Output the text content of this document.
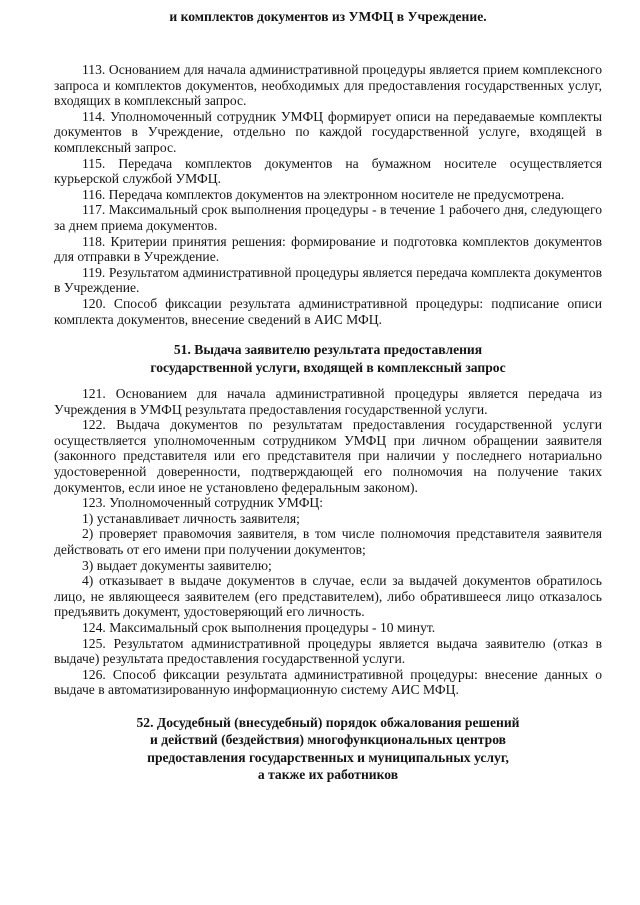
и комплектов документов из УМФЦ в Учреждение.

113. Основанием для начала административной процедуры является прием комплексного запроса и комплектов документов, необходимых для предоставления государственных услуг, входящих в комплексный запрос.

114. Уполномоченный сотрудник УМФЦ формирует описи на передаваемые комплекты документов в Учреждение, отдельно по каждой государственной услуге, входящей в комплексный запрос.

115. Передача комплектов документов на бумажном носителе осуществляется курьерской службой УМФЦ.

116. Передача комплектов документов на электронном носителе не предусмотрена.

117. Максимальный срок выполнения процедуры - в течение 1 рабочего дня, следующего за днем приема документов.

118. Критерии принятия решения: формирование и подготовка комплектов документов для отправки в Учреждение.

119. Результатом административной процедуры является передача комплекта документов в Учреждение.

120. Способ фиксации результата административной процедуры: подписание описи комплекта документов, внесение сведений в АИС МФЦ.

51. Выдача заявителю результата предоставления
государственной услуги, входящей в комплексный запрос

121. Основанием для начала административной процедуры является передача из Учреждения в УМФЦ результата предоставления государственной услуги.

122. Выдача документов по результатам предоставления государственной услуги осуществляется уполномоченным сотрудником УМФЦ при личном обращении заявителя (законного представителя или его представителя при наличии у последнего нотариально удостоверенной доверенности, подтверждающей его полномочия на получение таких документов, если иное не установлено федеральным законом).

123. Уполномоченный сотрудник УМФЦ:

1) устанавливает личность заявителя;

2) проверяет правомочия заявителя, в том числе полномочия представителя заявителя действовать от его имени при получении документов;

3) выдает документы заявителю;

4) отказывает в выдаче документов в случае, если за выдачей документов обратилось лицо, не являющееся заявителем (его представителем), либо обратившееся лицо отказалось предъявить документ, удостоверяющий его личность.

124. Максимальный срок выполнения процедуры - 10 минут.

125. Результатом административной процедуры является выдача заявителю (отказ в выдаче) результата предоставления государственной услуги.

126. Способ фиксации результата административной процедуры: внесение данных о выдаче в автоматизированную информационную систему АИС МФЦ.

52. Досудебный (внесудебный) порядок обжалования решений
и действий (бездействия) многофункциональных центров
предоставления государственных и муниципальных услуг,
а также их работников
